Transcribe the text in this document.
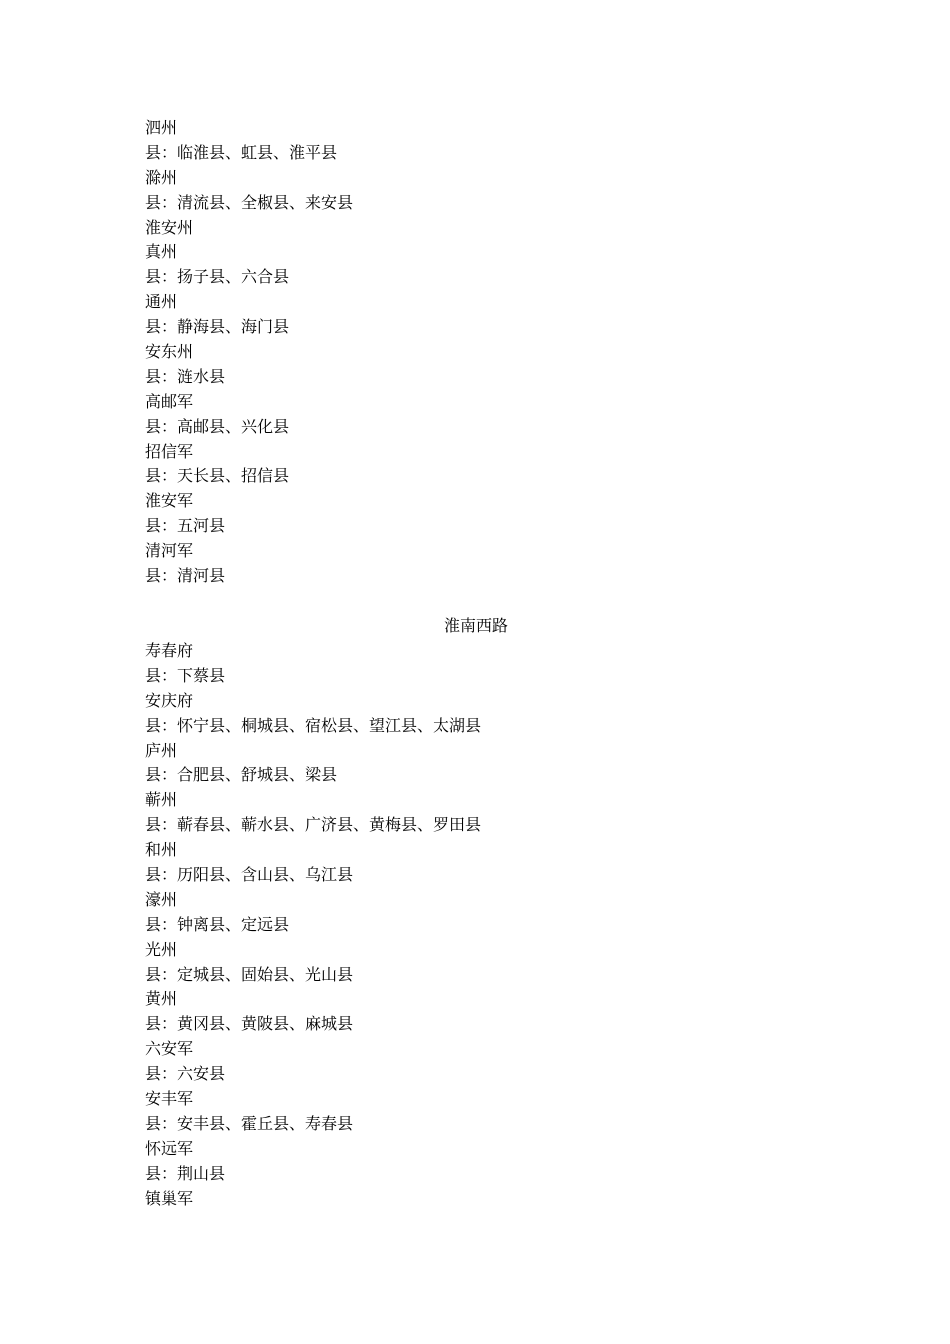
泗州
县：临淮县、虹县、淮平县
滁州
县：清流县、全椒县、来安县
淮安州
真州
县：扬子县、六合县
通州
县：静海县、海门县
安东州
县：涟水县
高邮军
县：高邮县、兴化县
招信军
县：天长县、招信县
淮安军
县：五河县
清河军
县：清河县
淮南西路
寿春府
县：下蔡县
安庆府
县：怀宁县、桐城县、宿松县、望江县、太湖县
庐州
县：合肥县、舒城县、梁县
蕲州
县：蕲春县、蕲水县、广济县、黄梅县、罗田县
和州
县：历阳县、含山县、乌江县
濠州
县：钟离县、定远县
光州
县：定城县、固始县、光山县
黄州
县：黄冈县、黄陂县、麻城县
六安军
县：六安县
安丰军
县：安丰县、霍丘县、寿春县
怀远军
县：荆山县
镇巢军
